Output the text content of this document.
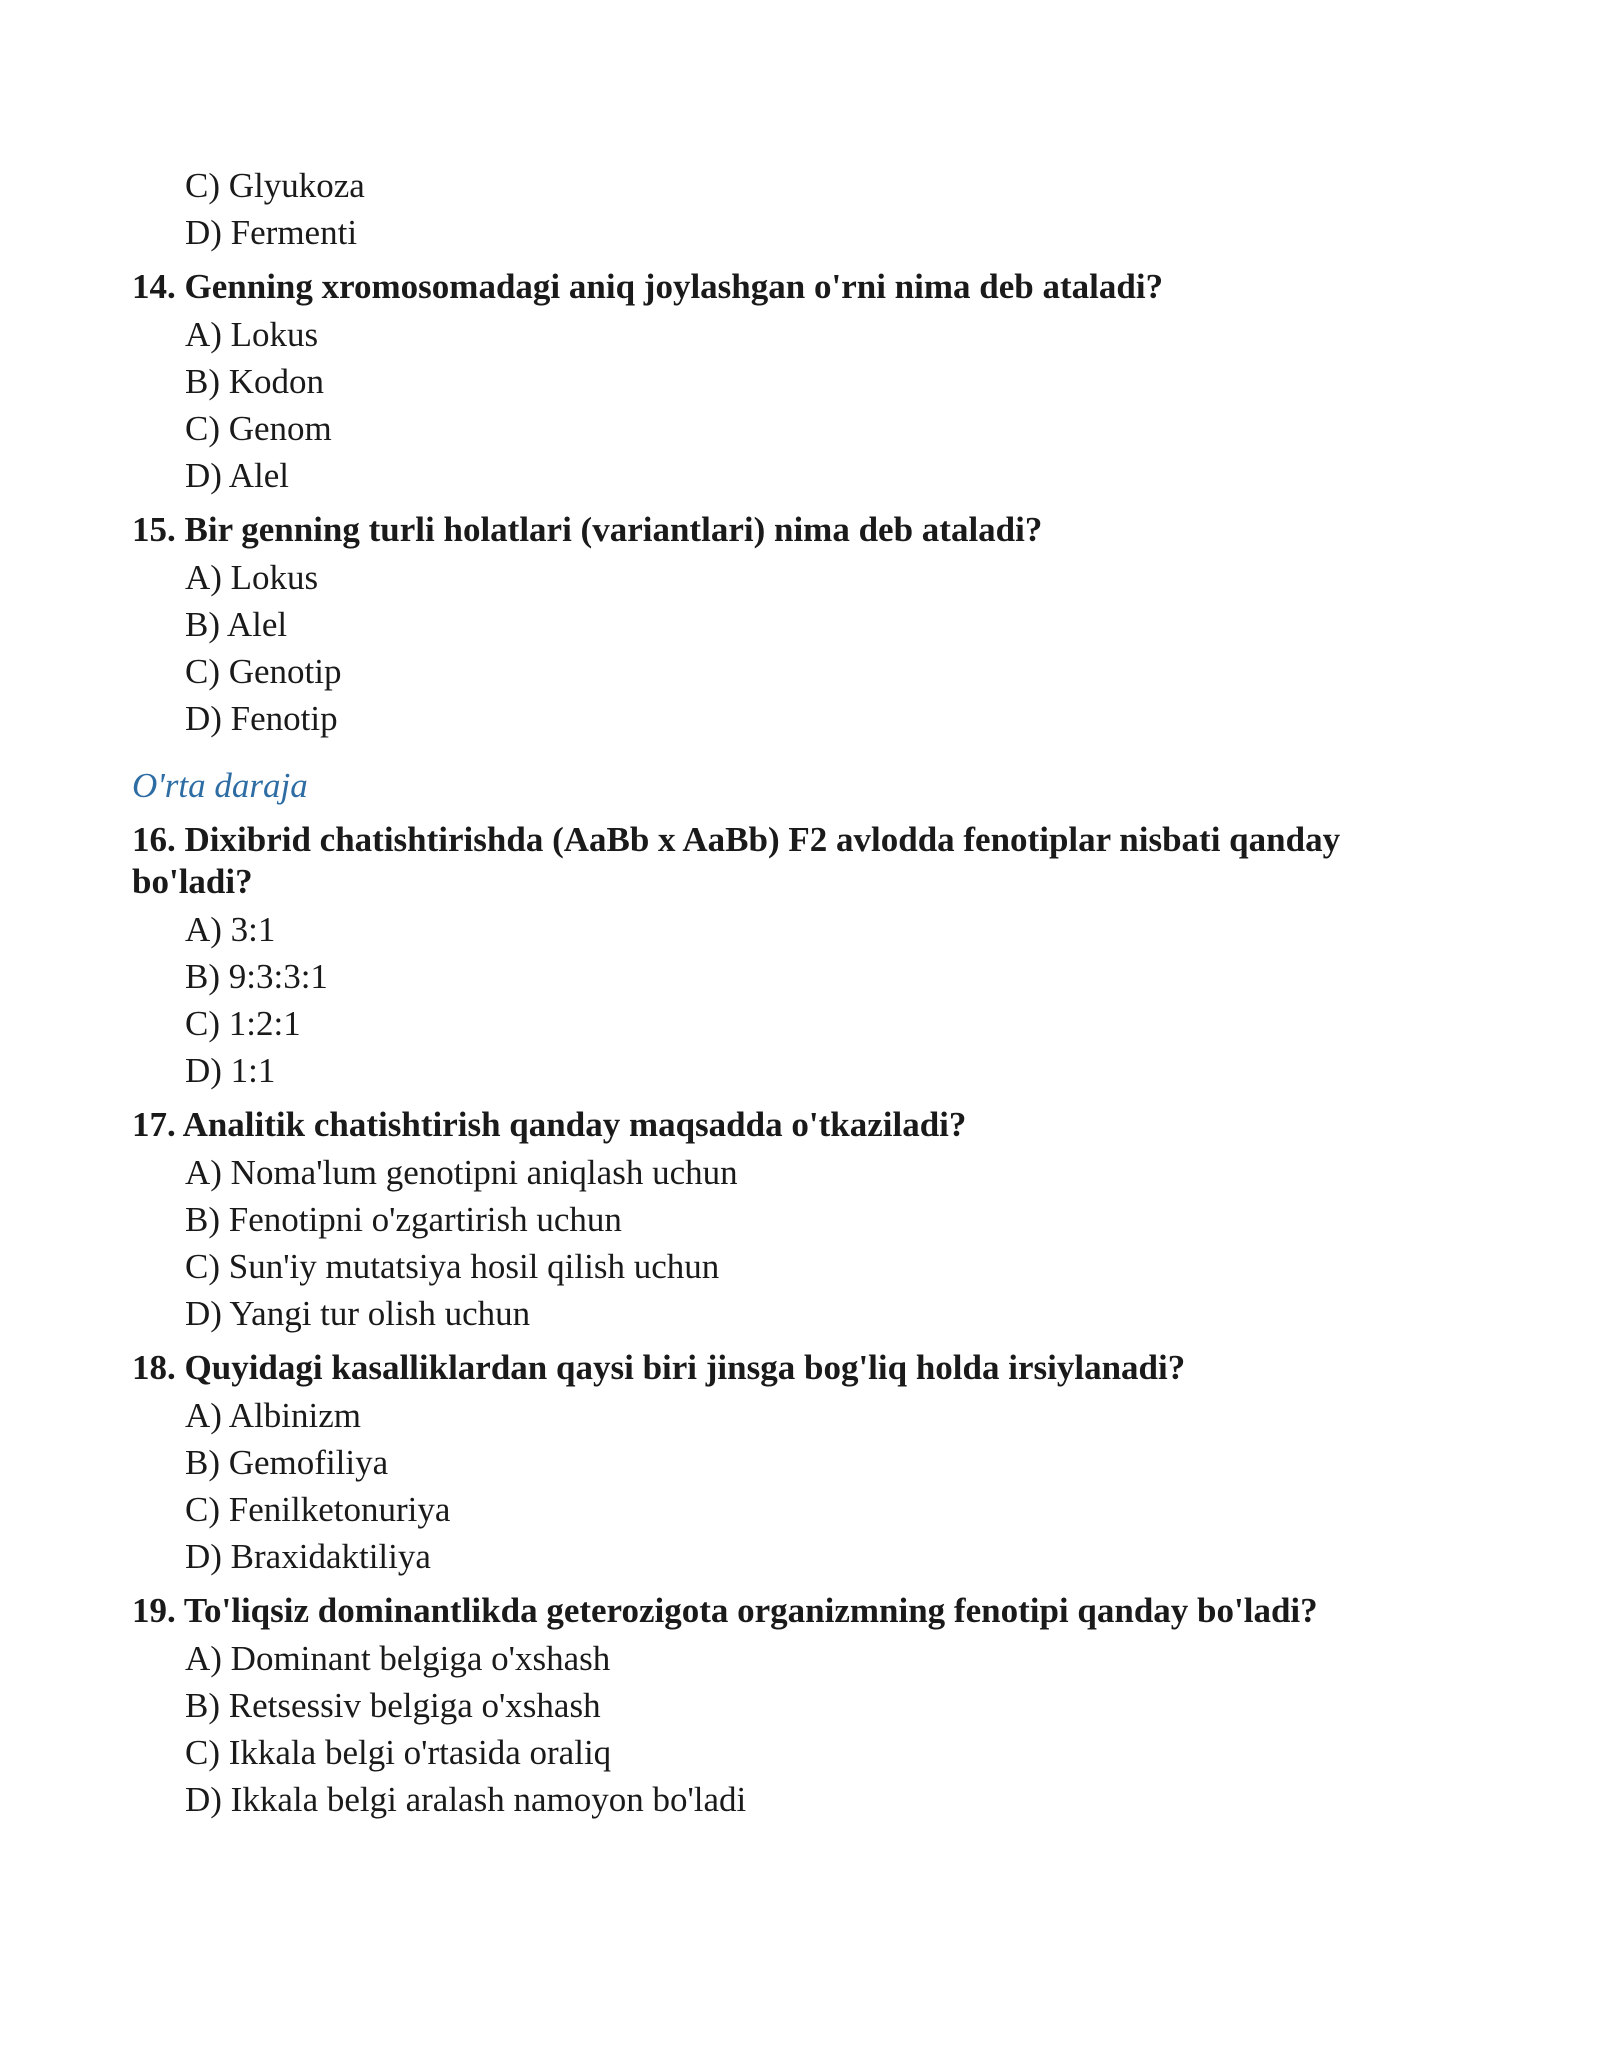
C) Glyukoza
D) Fermenti
14. Genning xromosomadagi aniq joylashgan o'rni nima deb ataladi?
A) Lokus
B) Kodon
C) Genom
D) Alel
15. Bir genning turli holatlari (variantlari) nima deb ataladi?
A) Lokus
B) Alel
C) Genotip
D) Fenotip
O'rta daraja
16. Dixibrid chatishtirishda (AaBb x AaBb) F2 avlodda fenotiplar nisbati qanday bo'ladi?
A) 3:1
B) 9:3:3:1
C) 1:2:1
D) 1:1
17. Analitik chatishtirish qanday maqsadda o'tkaziladi?
A) Noma'lum genotipni aniqlash uchun
B) Fenotipni o'zgartirish uchun
C) Sun'iy mutatsiya hosil qilish uchun
D) Yangi tur olish uchun
18. Quyidagi kasalliklardan qaysi biri jinsga bog'liq holda irsiylanadi?
A) Albinizm
B) Gemofiliya
C) Fenilketonuriya
D) Braxidaktiliya
19. To'liqsiz dominantlikda geterozigota organizmning fenotipi qanday bo'ladi?
A) Dominant belgiga o'xshash
B) Retsessiv belgiga o'xshash
C) Ikkala belgi o'rtasida oraliq
D) Ikkala belgi aralash namoyon bo'ladi
